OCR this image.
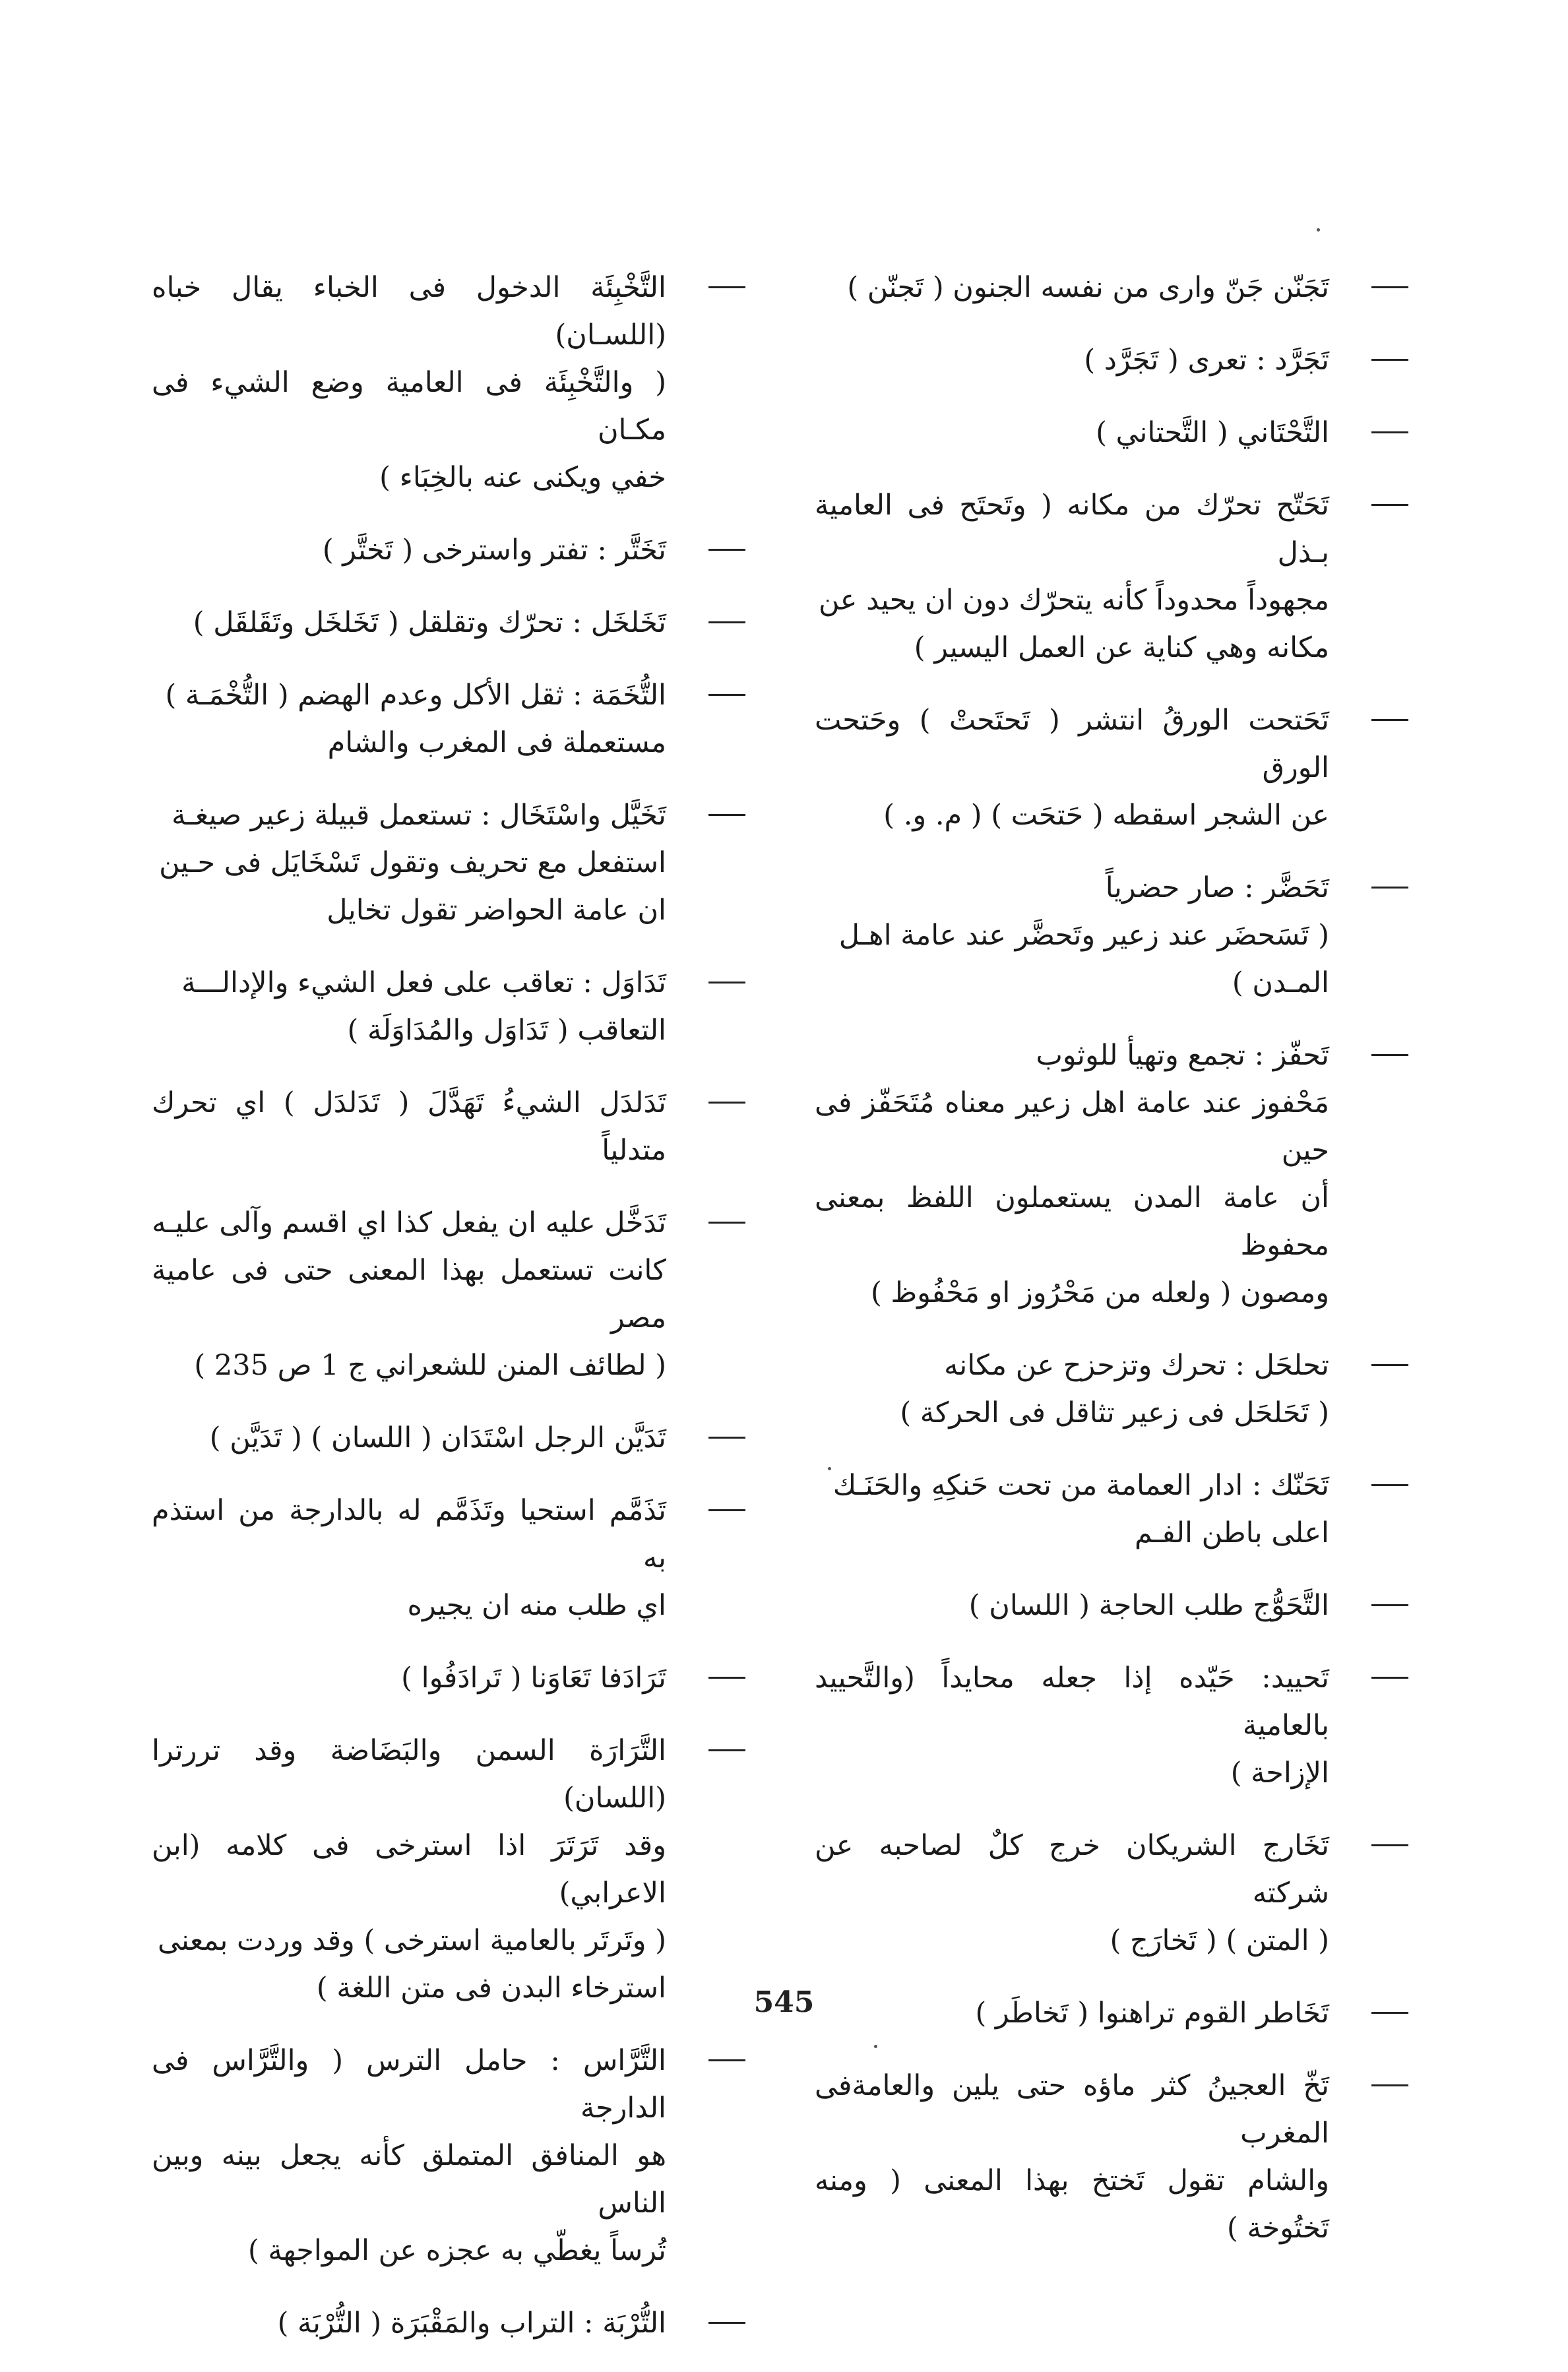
تَجَنّن جَنّ وارى من نفسه الجنون ( تَجنّن )

تَجَرَّد : تعرى ( تَجَرَّد )

التَّحْتَاني ( التَّحتاني )

تَحَتّح تحرّك من مكانه ( وتَحتَح فى العامية بـذل

مجهوداً محدوداً كأنه يتحرّك دون ان يحيد عن

مكانه وهي كناية عن العمل اليسير )

تَحَتحت الورقُ انتشر ( تَحتَحتْ ) وحَتحت الورق

عن الشجر اسقطه ( حَتحَت ) ( م. و. )

تَحَضَّر : صار حضرياً

( تَسَحضَر عند زعير وتَحضَّر عند عامة اهـل

المـدن )

تَحفّز : تجمع وتهيأ للوثوب

مَحْفوز عند عامة اهل زعير معناه مُتَحَفّز فى حين

أن عامة المدن يستعملون اللفظ بمعنى محفوظ

ومصون ( ولعله من مَحْرُوز او مَحْفُوظ )

تحلحَل : تحرك وتزحزح عن مكانه

( تَحَلحَل فى زعير تثاقل فى الحركة )

تَحَنّك : ادار العمامة من تحت حَنكِهِ والحَنَـك

اعلى باطن الفـم

التَّحَوُّج طلب الحاجة ( اللسان )

تَحييد: حَيّده إذا جعله محايداً (والتَّحييد بالعامية

الإزاحة )

تَخَارج الشريكان خرج كلٌ لصاحبه عن شركته

( المتن ) ( تَخارَج )

تَخَاطر القوم تراهنوا ( تَخاطَر )

تَخّ العجينُ كثر ماؤه حتى يلين والعامةفى المغرب

والشام تقول تَختخ بهذا المعنى ( ومنه تَختُوخة )

التَّخْبِئَة الدخول فى الخباء يقال خباه (اللسـان)

( والتَّخْبِئَة فى العامية وضع الشيء فى مكـان

خفي ويكنى عنه بالخِبَاء )

تَخَتَّر : تفتر واسترخى ( تَختَّر )

تَخَلخَل : تحرّك وتقلقل ( تَخَلخَل وتَقَلقَل )

التُّخَمَة : ثقل الأكل وعدم الهضم ( التُّخْمَـة )

مستعملة فى المغرب والشام

تَخَيَّل واسْتَخَال : تستعمل قبيلة زعير صيغـة

استفعل مع تحريف وتقول تَسْخَايَل فى حـين

ان عامة الحواضر تقول تخايل

تَدَاوَل : تعاقب على فعل الشيء والإدالـــة

التعاقب ( تَدَاوَل والمُدَاوَلَة )

تَدَلدَل الشيءُ تَهَدَّلَ ( تَدَلدَل ) اي تحرك متدلياً

تَدَخَّل عليه ان يفعل كذا اي اقسم وآلى عليـه

كانت تستعمل بهذا المعنى حتى فى عامية مصر

( لطائف المنن للشعراني ج 1 ص 235 )

تَدَيَّن الرجل اسْتَدَان ( اللسان ) ( تَدَيَّن )

تَذَمَّم استحيا وتَذَمَّم له بالدارجة من استذم به

اي طلب منه ان يجيره

تَرَادَفا تَعَاوَنا ( تَرادَفُوا )

التَّرَارَة السمن والبَضَاضة وقد تررترا (اللسان)

وقد تَرَتَرَ اذا استرخى فى كلامه (ابن الاعرابي)

( وتَرتَر بالعامية استرخى ) وقد وردت بمعنى

استرخاء البدن فى متن اللغة )

التَّرَّاس : حامل الترس ( والتَّرَّاس فى الدارجة

هو المنافق المتملق كأنه يجعل بينه وبين الناس

تُرساً يغطّي به عجزه عن المواجهة )

التُّرْبَة : التراب والمَقْبَرَة ( التُّرْبَة )

545
